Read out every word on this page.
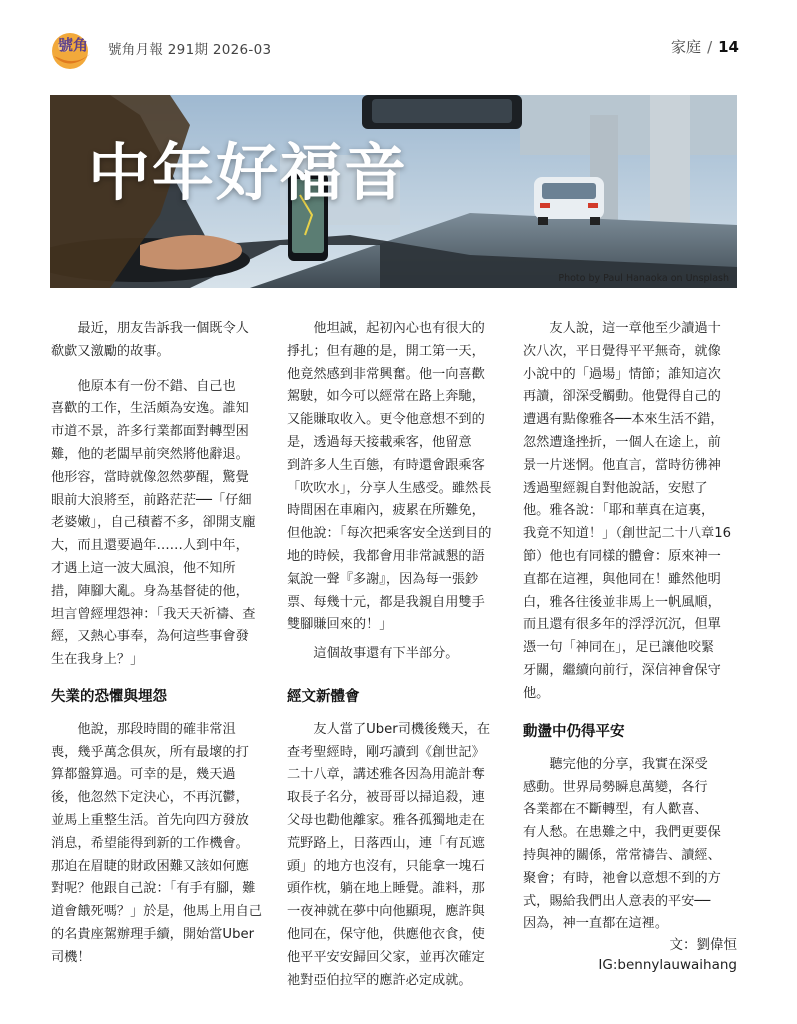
號角 號角月報 291期 2026-03	家庭 / 14
中年好福音
Photo by Paul Hanaoka on Unsplash

最近，朋友告訴我一個既令人
欷歔又激勵的故事。

他原本有一份不錯、自己也
喜歡的工作，生活頗為安逸。誰知
市道不景，許多行業都面對轉型困
難，他的老闆早前突然將他辭退。
他形容，當時就像忽然夢醒，驚覺
眼前大浪將至，前路茫茫──「仔細
老婆嫩」，自己積蓄不多，卻開支龐
大，而且還要過年……人到中年，
才遇上這一波大風浪，他不知所
措，陣腳大亂。身為基督徒的他，
坦言曾經埋怨神：「我天天祈禱、查
經，又熱心事奉，為何這些事會發
生在我身上？」

失業的恐懼與埋怨

他說，那段時間的確非常沮
喪，幾乎萬念俱灰，所有最壞的打
算都盤算過。可幸的是，幾天過
後，他忽然下定決心，不再沉鬱，
並馬上重整生活。首先向四方發放
消息，希望能得到新的工作機會。
那迫在眉睫的財政困難又該如何應
對呢？他跟自己說：「有手有腳，難
道會餓死嗎？」於是，他馬上用自己
的名貴座駕辦理手續，開始當Uber
司機！

他坦誠，起初內心也有很大的
掙扎；但有趣的是，開工第一天，
他竟然感到非常興奮。他一向喜歡
駕駛，如今可以經常在路上奔馳，
又能賺取收入。更令他意想不到的
是，透過每天接載乘客，他留意
到許多人生百態，有時還會跟乘客
「吹吹水」，分享人生感受。雖然長
時間困在車廂內，疲累在所難免，
但他說：「每次把乘客安全送到目的
地的時候，我都會用非常誠懇的語
氣說一聲『多謝』，因為每一張鈔
票、每幾十元，都是我親自用雙手
雙腳賺回來的！」

這個故事還有下半部分。

經文新體會

友人當了Uber司機後幾天，在
查考聖經時，剛巧讀到《創世記》
二十八章，講述雅各因為用詭計奪
取長子名分，被哥哥以掃追殺，連
父母也勸他離家。雅各孤獨地走在
荒野路上，日落西山，連「有瓦遮
頭」的地方也沒有，只能拿一塊石
頭作枕，躺在地上睡覺。誰料，那
一夜神就在夢中向他顯現，應許與
他同在，保守他，供應他衣食，使
他平平安安歸回父家，並再次確定
祂對亞伯拉罕的應許必定成就。

友人說，這一章他至少讀過十
次八次，平日覺得平平無奇，就像
小說中的「過場」情節；誰知這次
再讀，卻深受觸動。他覺得自己的
遭遇有點像雅各──本來生活不錯，
忽然遭逢挫折，一個人在途上，前
景一片迷惘。他直言，當時彷彿神
透過聖經親自對他說話，安慰了
他。雅各說：「耶和華真在這裏，
我竟不知道！」（創世記二十八章16
節）他也有同樣的體會：原來神一
直都在這裡，與他同在！雖然他明
白，雅各往後並非馬上一帆風順，
而且還有很多年的浮浮沉沉，但單
憑一句「神同在」，足已讓他咬緊
牙關，繼續向前行，深信神會保守
他。

動盪中仍得平安

聽完他的分享，我實在深受
感動。世界局勢瞬息萬變，各行
各業都在不斷轉型，有人歡喜、
有人愁。在患難之中，我們更要保
持與神的關係，常常禱告、讀經、
聚會；有時，祂會以意想不到的方
式，賜給我們出人意表的平安──
因為，神一直都在這裡。

文：劉偉恒
IG:bennylauwaihang
